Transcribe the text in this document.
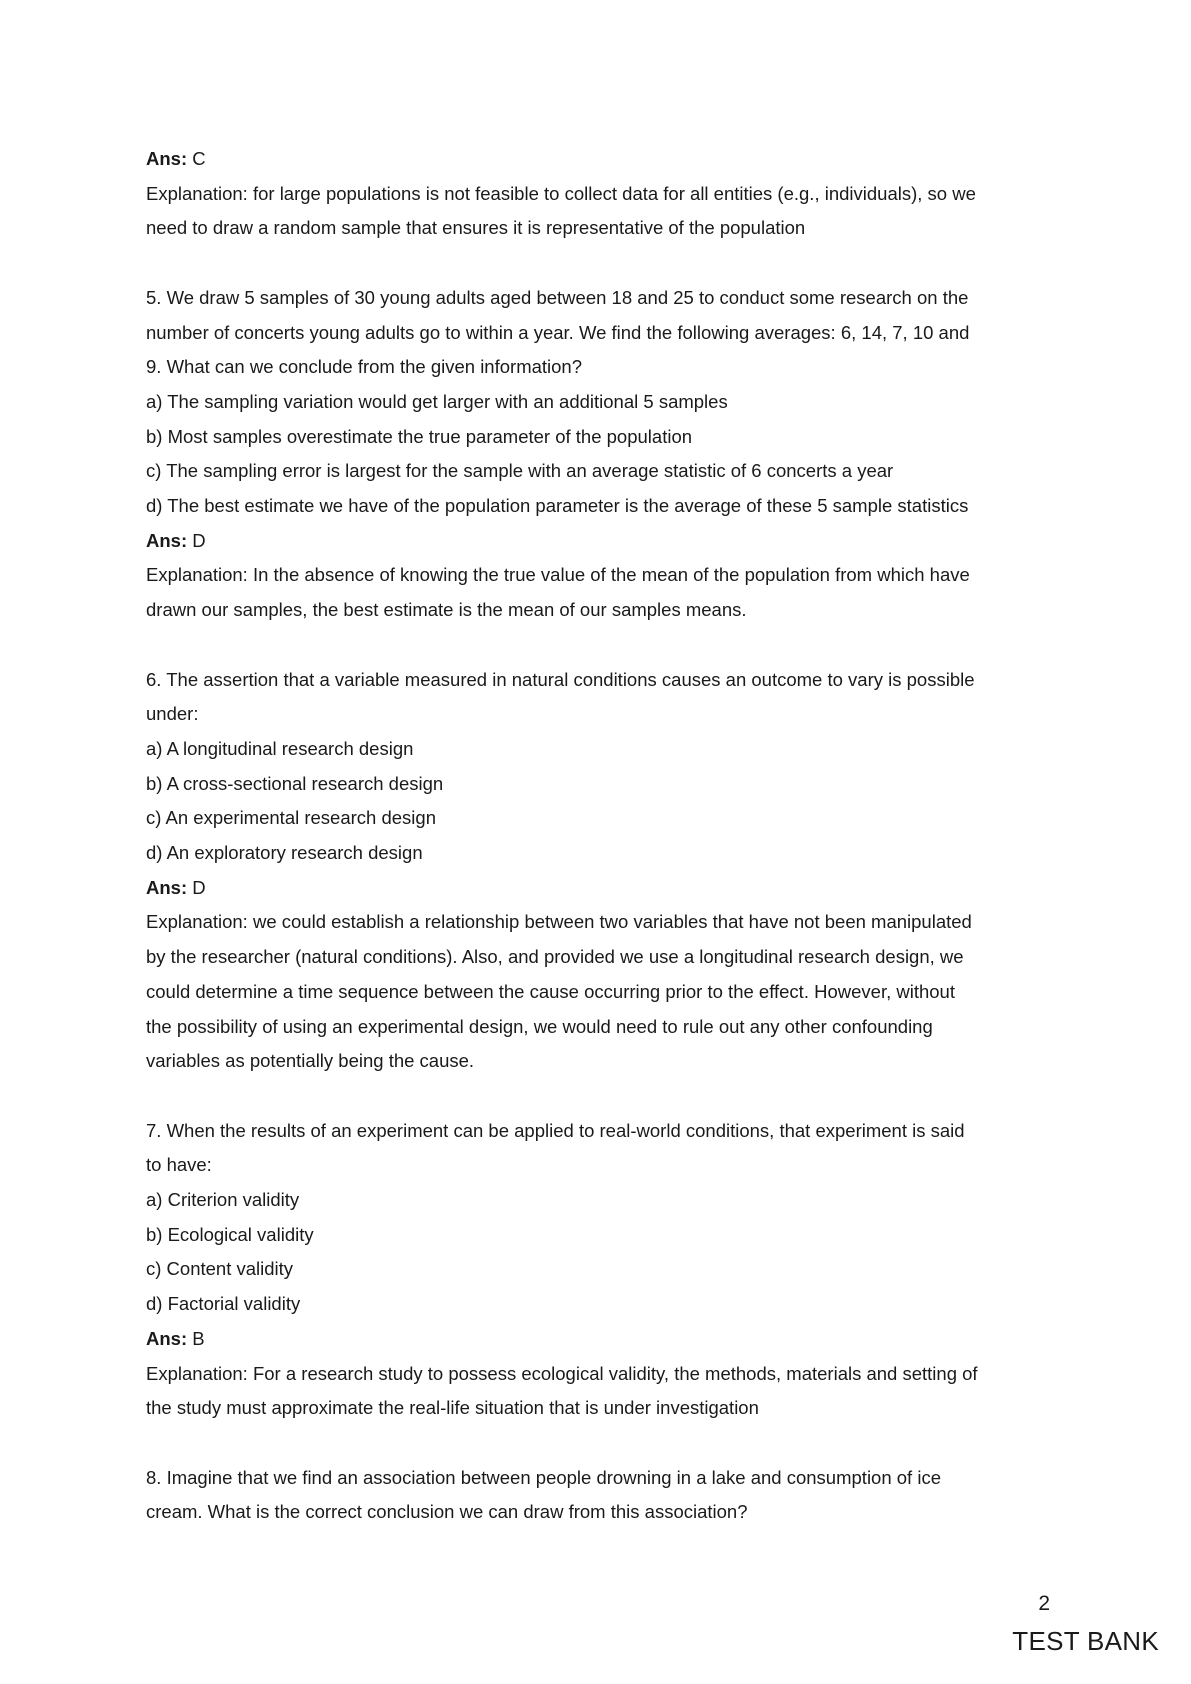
Ans: C
Explanation: for large populations is not feasible to collect data for all entities (e.g., individuals), so we
need to draw a random sample that ensures it is representative of the population
5. We draw 5 samples of 30 young adults aged between 18 and 25 to conduct some research on the
number of concerts young adults go to within a year. We find the following averages: 6, 14, 7, 10 and
9. What can we conclude from the given information?
a) The sampling variation would get larger with an additional 5 samples
b) Most samples overestimate the true parameter of the population
c) The sampling error is largest for the sample with an average statistic of 6 concerts a year
d) The best estimate we have of the population parameter is the average of these 5 sample statistics
Ans: D
Explanation: In the absence of knowing the true value of the mean of the population from which have
drawn our samples, the best estimate is the mean of our samples means.
6. The assertion that a variable measured in natural conditions causes an outcome to vary is possible
under:
a) A longitudinal research design
b) A cross-sectional research design
c) An experimental research design
d) An exploratory research design
Ans: D
Explanation: we could establish a relationship between two variables that have not been manipulated
by the researcher (natural conditions). Also, and provided we use a longitudinal research design, we
could determine a time sequence between the cause occurring prior to the effect. However, without
the possibility of using an experimental design, we would need to rule out any other confounding
variables as potentially being the cause.
7. When the results of an experiment can be applied to real-world conditions, that experiment is said
to have:
a) Criterion validity
b) Ecological validity
c) Content validity
d) Factorial validity
Ans: B
Explanation: For a research study to possess ecological validity, the methods, materials and setting of
the study must approximate the real-life situation that is under investigation
8. Imagine that we find an association between people drowning in a lake and consumption of ice
cream. What is the correct conclusion we can draw from this association?
2
TEST BANK
